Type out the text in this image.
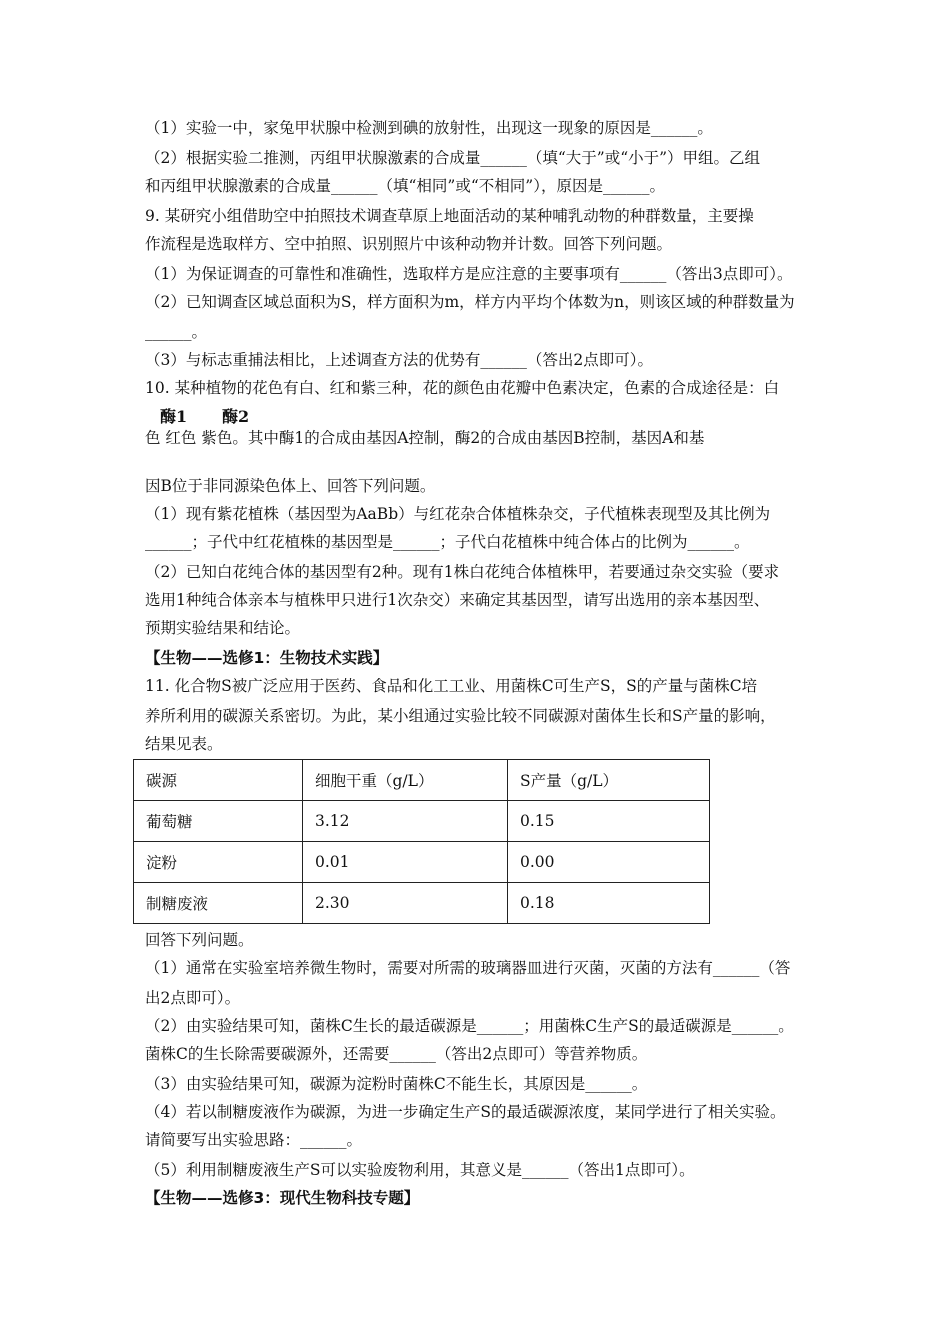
（1）实验一中，家兔甲状腺中检测到碘的放射性，出现这一现象的原因是______。
（2）根据实验二推测，丙组甲状腺激素的合成量______（填“大于”或“小于”）甲组。乙组
和丙组甲状腺激素的合成量______（填“相同”或“不相同”），原因是______。
9. 某研究小组借助空中拍照技术调查草原上地面活动的某种哺乳动物的种群数量，主要操
作流程是选取样方、空中拍照、识别照片中该种动物并计数。回答下列问题。
（1）为保证调查的可靠性和准确性，选取样方是应注意的主要事项有______（答出3点即可）。
（2）已知调查区域总面积为S，样方面积为m，样方内平均个体数为n，则该区域的种群数量为
______。
（3）与标志重捕法相比，上述调查方法的优势有______（答出2点即可）。
10. 某种植物的花色有白、红和紫三种，花的颜色由花瓣中色素决定，色素的合成途径是：白
酶1 酶2
色 红色 紫色。其中酶1的合成由基因A控制，酶2的合成由基因B控制，基因A和基
因B位于非同源染色体上、回答下列问题。
（1）现有紫花植株（基因型为AaBb）与红花杂合体植株杂交，子代植株表现型及其比例为
______；子代中红花植株的基因型是______；子代白花植株中纯合体占的比例为______。
（2）已知白花纯合体的基因型有2种。现有1株白花纯合体植株甲，若要通过杂交实验（要求
选用1种纯合体亲本与植株甲只进行1次杂交）来确定其基因型，请写出选用的亲本基因型、
预期实验结果和结论。
【生物——选修1：生物技术实践】
11. 化合物S被广泛应用于医药、食品和化工工业、用菌株C可生产S，S的产量与菌株C培
养所利用的碳源关系密切。为此，某小组通过实验比较不同碳源对菌体生长和S产量的影响，
结果见表。
碳源	细胞干重（g/L）	S产量（g/L）
葡萄糖	3.12	0.15
淀粉	0.01	0.00
制糖废液	2.30	0.18
回答下列问题。
（1）通常在实验室培养微生物时，需要对所需的玻璃器皿进行灭菌，灭菌的方法有______（答
出2点即可）。
（2）由实验结果可知，菌株C生长的最适碳源是______；用菌株C生产S的最适碳源是______。
菌株C的生长除需要碳源外，还需要______（答出2点即可）等营养物质。
（3）由实验结果可知，碳源为淀粉时菌株C不能生长，其原因是______。
（4）若以制糖废液作为碳源，为进一步确定生产S的最适碳源浓度，某同学进行了相关实验。
请简要写出实验思路：______。
（5）利用制糖废液生产S可以实验废物利用，其意义是______（答出1点即可）。
【生物——选修3：现代生物科技专题】
